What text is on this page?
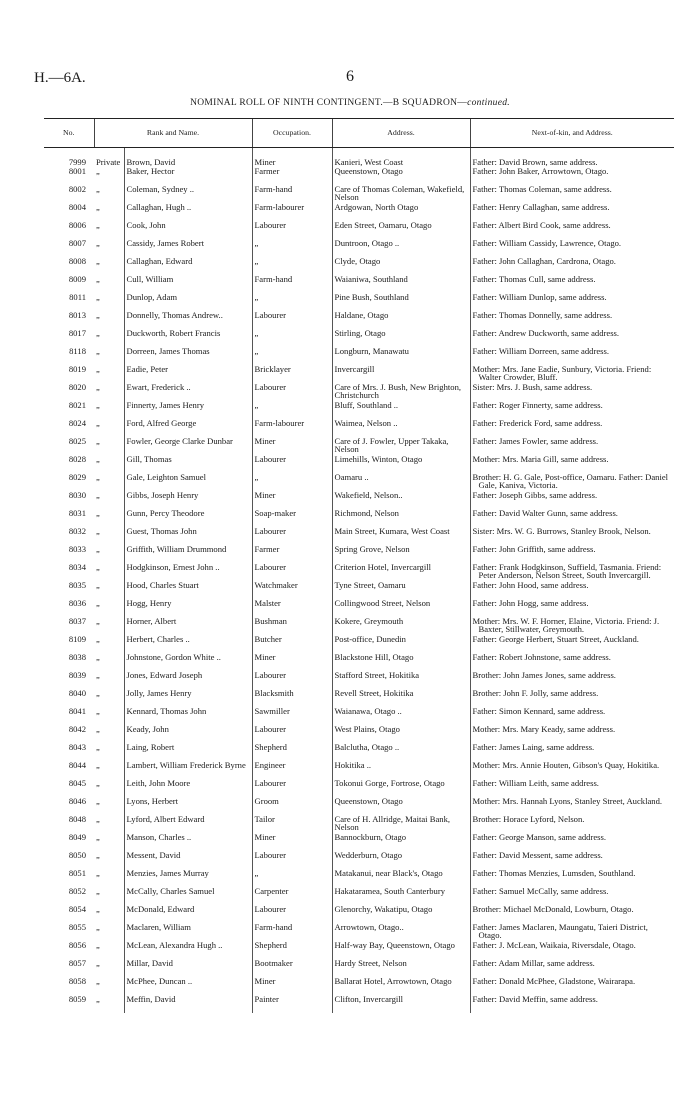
H.—6A.	6
NOMINAL ROLL OF NINTH CONTINGENT.—B SQUADRON—continued.
No.	Rank and Name.		Occupation.	Address.	Next-of-kin, and Address.
7999	Private	Brown, David	Miner	Kanieri, West Coast	Father: David Brown, same address.
8001	„	Baker, Hector	Farmer	Queenstown, Otago	Father: John Baker, Arrowtown, Otago.
8002	„	Coleman, Sydney ..	Farm-hand	Care of Thomas Coleman, Wakefield, Nelson	Father: Thomas Coleman, same address.
8004	„	Callaghan, Hugh ..	Farm-labourer	Ardgowan, North Otago	Father: Henry Callaghan, same address.
8006	„	Cook, John	Labourer	Eden Street, Oamaru, Otago	Father: Albert Bird Cook, same address.
8007	„	Cassidy, James Robert	„	Duntroon, Otago ..	Father: William Cassidy, Lawrence, Otago.
8008	„	Callaghan, Edward	„	Clyde, Otago	Father: John Callaghan, Cardrona, Otago.
8009	„	Cull, William	Farm-hand	Waianiwa, Southland	Father: Thomas Cull, same address.
8011	„	Dunlop, Adam	„	Pine Bush, Southland	Father: William Dunlop, same address.
8013	„	Donnelly, Thomas Andrew..	Labourer	Haldane, Otago	Father: Thomas Donnelly, same address.
8017	„	Duckworth, Robert Francis	„	Stirling, Otago	Father: Andrew Duckworth, same address.
8118	„	Dorreen, James Thomas	„	Longburn, Manawatu	Father: William Dorreen, same address.
8019	„	Eadie, Peter	Bricklayer	Invercargill	Mother: Mrs. Jane Eadie, Sunbury, Victoria. Friend: Walter Crowder, Bluff.
8020	„	Ewart, Frederick ..	Labourer	Care of Mrs. J. Bush, New Brighton, Christchurch	Sister: Mrs. J. Bush, same address.
8021	„	Finnerty, James Henry	„	Bluff, Southland ..	Father: Roger Finnerty, same address.
8024	„	Ford, Alfred George	Farm-labourer	Waimea, Nelson ..	Father: Frederick Ford, same address.
8025	„	Fowler, George Clarke Dunbar	Miner	Care of J. Fowler, Upper Takaka, Nelson	Father: James Fowler, same address.
8028	„	Gill, Thomas	Labourer	Limehills, Winton, Otago	Mother: Mrs. Maria Gill, same address.
8029	„	Gale, Leighton Samuel	„	Oamaru ..	Brother: H. G. Gale, Post-office, Oamaru. Father: Daniel Gale, Kaniva, Victoria.
8030	„	Gibbs, Joseph Henry	Miner	Wakefield, Nelson..	Father: Joseph Gibbs, same address.
8031	„	Gunn, Percy Theodore	Soap-maker	Richmond, Nelson	Father: David Walter Gunn, same address.
8032	„	Guest, Thomas John	Labourer	Main Street, Kumara, West Coast	Sister: Mrs. W. G. Burrows, Stanley Brook, Nelson.
8033	„	Griffith, William Drummond	Farmer	Spring Grove, Nelson	Father: John Griffith, same address.
8034	„	Hodgkinson, Ernest John ..	Labourer	Criterion Hotel, Invercargill	Father: Frank Hodgkinson, Suffield, Tasmania. Friend: Peter Anderson, Nelson Street, South Invercargill.
8035	„	Hood, Charles Stuart	Watchmaker	Tyne Street, Oamaru	Father: John Hood, same address.
8036	„	Hogg, Henry	Malster	Collingwood Street, Nelson	Father: John Hogg, same address.
8037	„	Horner, Albert	Bushman	Kokere, Greymouth	Mother: Mrs. W. F. Horner, Elaine, Victoria. Friend: J. Baxter, Stillwater, Greymouth.
8109	„	Herbert, Charles ..	Butcher	Post-office, Dunedin	Father: George Herbert, Stuart Street, Auckland.
8038	„	Johnstone, Gordon White ..	Miner	Blackstone Hill, Otago	Father: Robert Johnstone, same address.
8039	„	Jones, Edward Joseph	Labourer	Stafford Street, Hokitika	Brother: John James Jones, same address.
8040	„	Jolly, James Henry	Blacksmith	Revell Street, Hokitika	Brother: John F. Jolly, same address.
8041	„	Kennard, Thomas John	Sawmiller	Waianawa, Otago ..	Father: Simon Kennard, same address.
8042	„	Keady, John	Labourer	West Plains, Otago	Mother: Mrs. Mary Keady, same address.
8043	„	Laing, Robert	Shepherd	Balclutha, Otago ..	Father: James Laing, same address.
8044	„	Lambert, William Frederick Byrne	Engineer	Hokitika ..	Mother: Mrs. Annie Houten, Gibson's Quay, Hokitika.
8045	„	Leith, John Moore	Labourer	Tokonui Gorge, Fortrose, Otago	Father: William Leith, same address.
8046	„	Lyons, Herbert	Groom	Queenstown, Otago	Mother: Mrs. Hannah Lyons, Stanley Street, Auckland.
8048	„	Lyford, Albert Edward	Tailor	Care of H. Allridge, Maitai Bank, Nelson	Brother: Horace Lyford, Nelson.
8049	„	Manson, Charles ..	Miner	Bannockburn, Otago	Father: George Manson, same address.
8050	„	Messent, David	Labourer	Wedderburn, Otago	Father: David Messent, same address.
8051	„	Menzies, James Murray	„	Matakanui, near Black's, Otago	Father: Thomas Menzies, Lumsden, Southland.
8052	„	McCally, Charles Samuel	Carpenter	Hakataramea, South Canterbury	Father: Samuel McCally, same address.
8054	„	McDonald, Edward	Labourer	Glenorchy, Wakatipu, Otago	Brother: Michael McDonald, Lowburn, Otago.
8055	„	Maclaren, William	Farm-hand	Arrowtown, Otago..	Father: James Maclaren, Maungatu, Taieri District, Otago.
8056	„	McLean, Alexandra Hugh ..	Shepherd	Half-way Bay, Queenstown, Otago	Father: J. McLean, Waikaia, Riversdale, Otago.
8057	„	Millar, David	Bootmaker	Hardy Street, Nelson	Father: Adam Millar, same address.
8058	„	McPhee, Duncan ..	Miner	Ballarat Hotel, Arrowtown, Otago	Father: Donald McPhee, Gladstone, Wairarapa.
8059	„	Meffin, David	Painter	Clifton, Invercargill	Father: David Meffin, same address.
